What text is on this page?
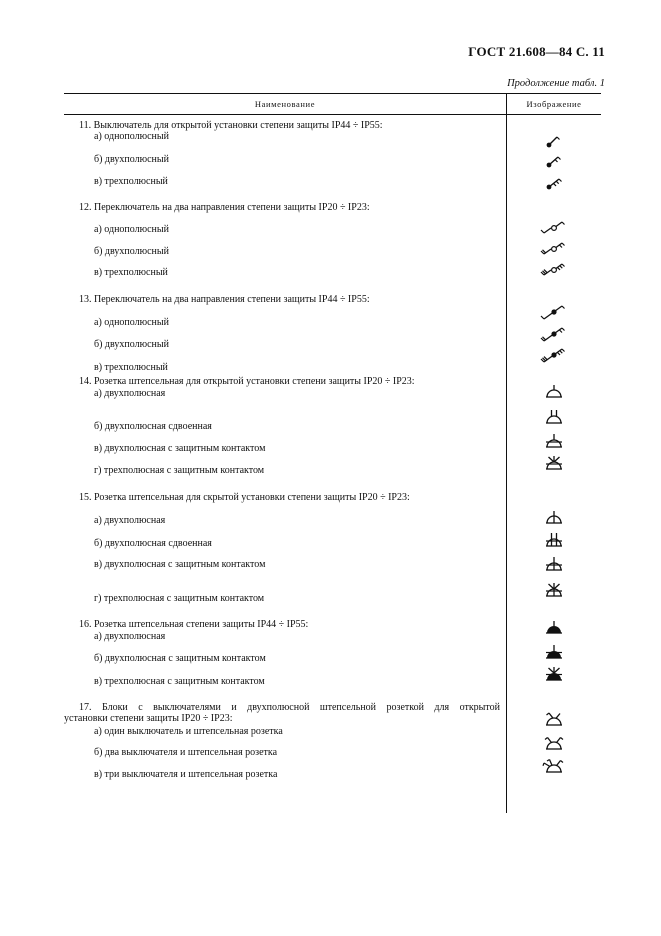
ГОСТ 21.608—84 С. 11
Продолжение табл. 1
Наименование	Изображение
11. Выключатель для открытой установки степени защиты IP44 ÷ IP55:
а) однополюсный
б) двухполюсный
в) трехполюсный
12. Переключатель на два направления степени защиты IP20 ÷ IP23:
а) однополюсный
б) двухполюсный
в) трехполюсный
13. Переключатель на два направления степени защиты IP44 ÷ IP55:
а) однополюсный
б) двухполюсный
в) трехполюсный
14. Розетка штепсельная для открытой установки степени защиты IP20 ÷ IP23:
а) двухполюсная
б) двухполюсная сдвоенная
в) двухполюсная с защитным контактом
г) трехполюсная с защитным контактом
15. Розетка штепсельная для скрытой установки степени защиты IP20 ÷ IP23:
а) двухполюсная
б) двухполюсная сдвоенная
в) двухполюсная с защитным контактом
г) трехполюсная с защитным контактом
16. Розетка штепсельная степени защиты IP44 ÷ IP55:
а) двухполюсная
б) двухполюсная с защитным контактом
в) трехполюсная с защитным контактом
17. Блоки с выключателями и двухполюсной штепсельной розеткой для открытой
установки степени защиты IP20 ÷ IP23:
а) один выключатель и штепсельная розетка
б) два выключателя и штепсельная розетка
в) три выключателя и штепсельная розетка
